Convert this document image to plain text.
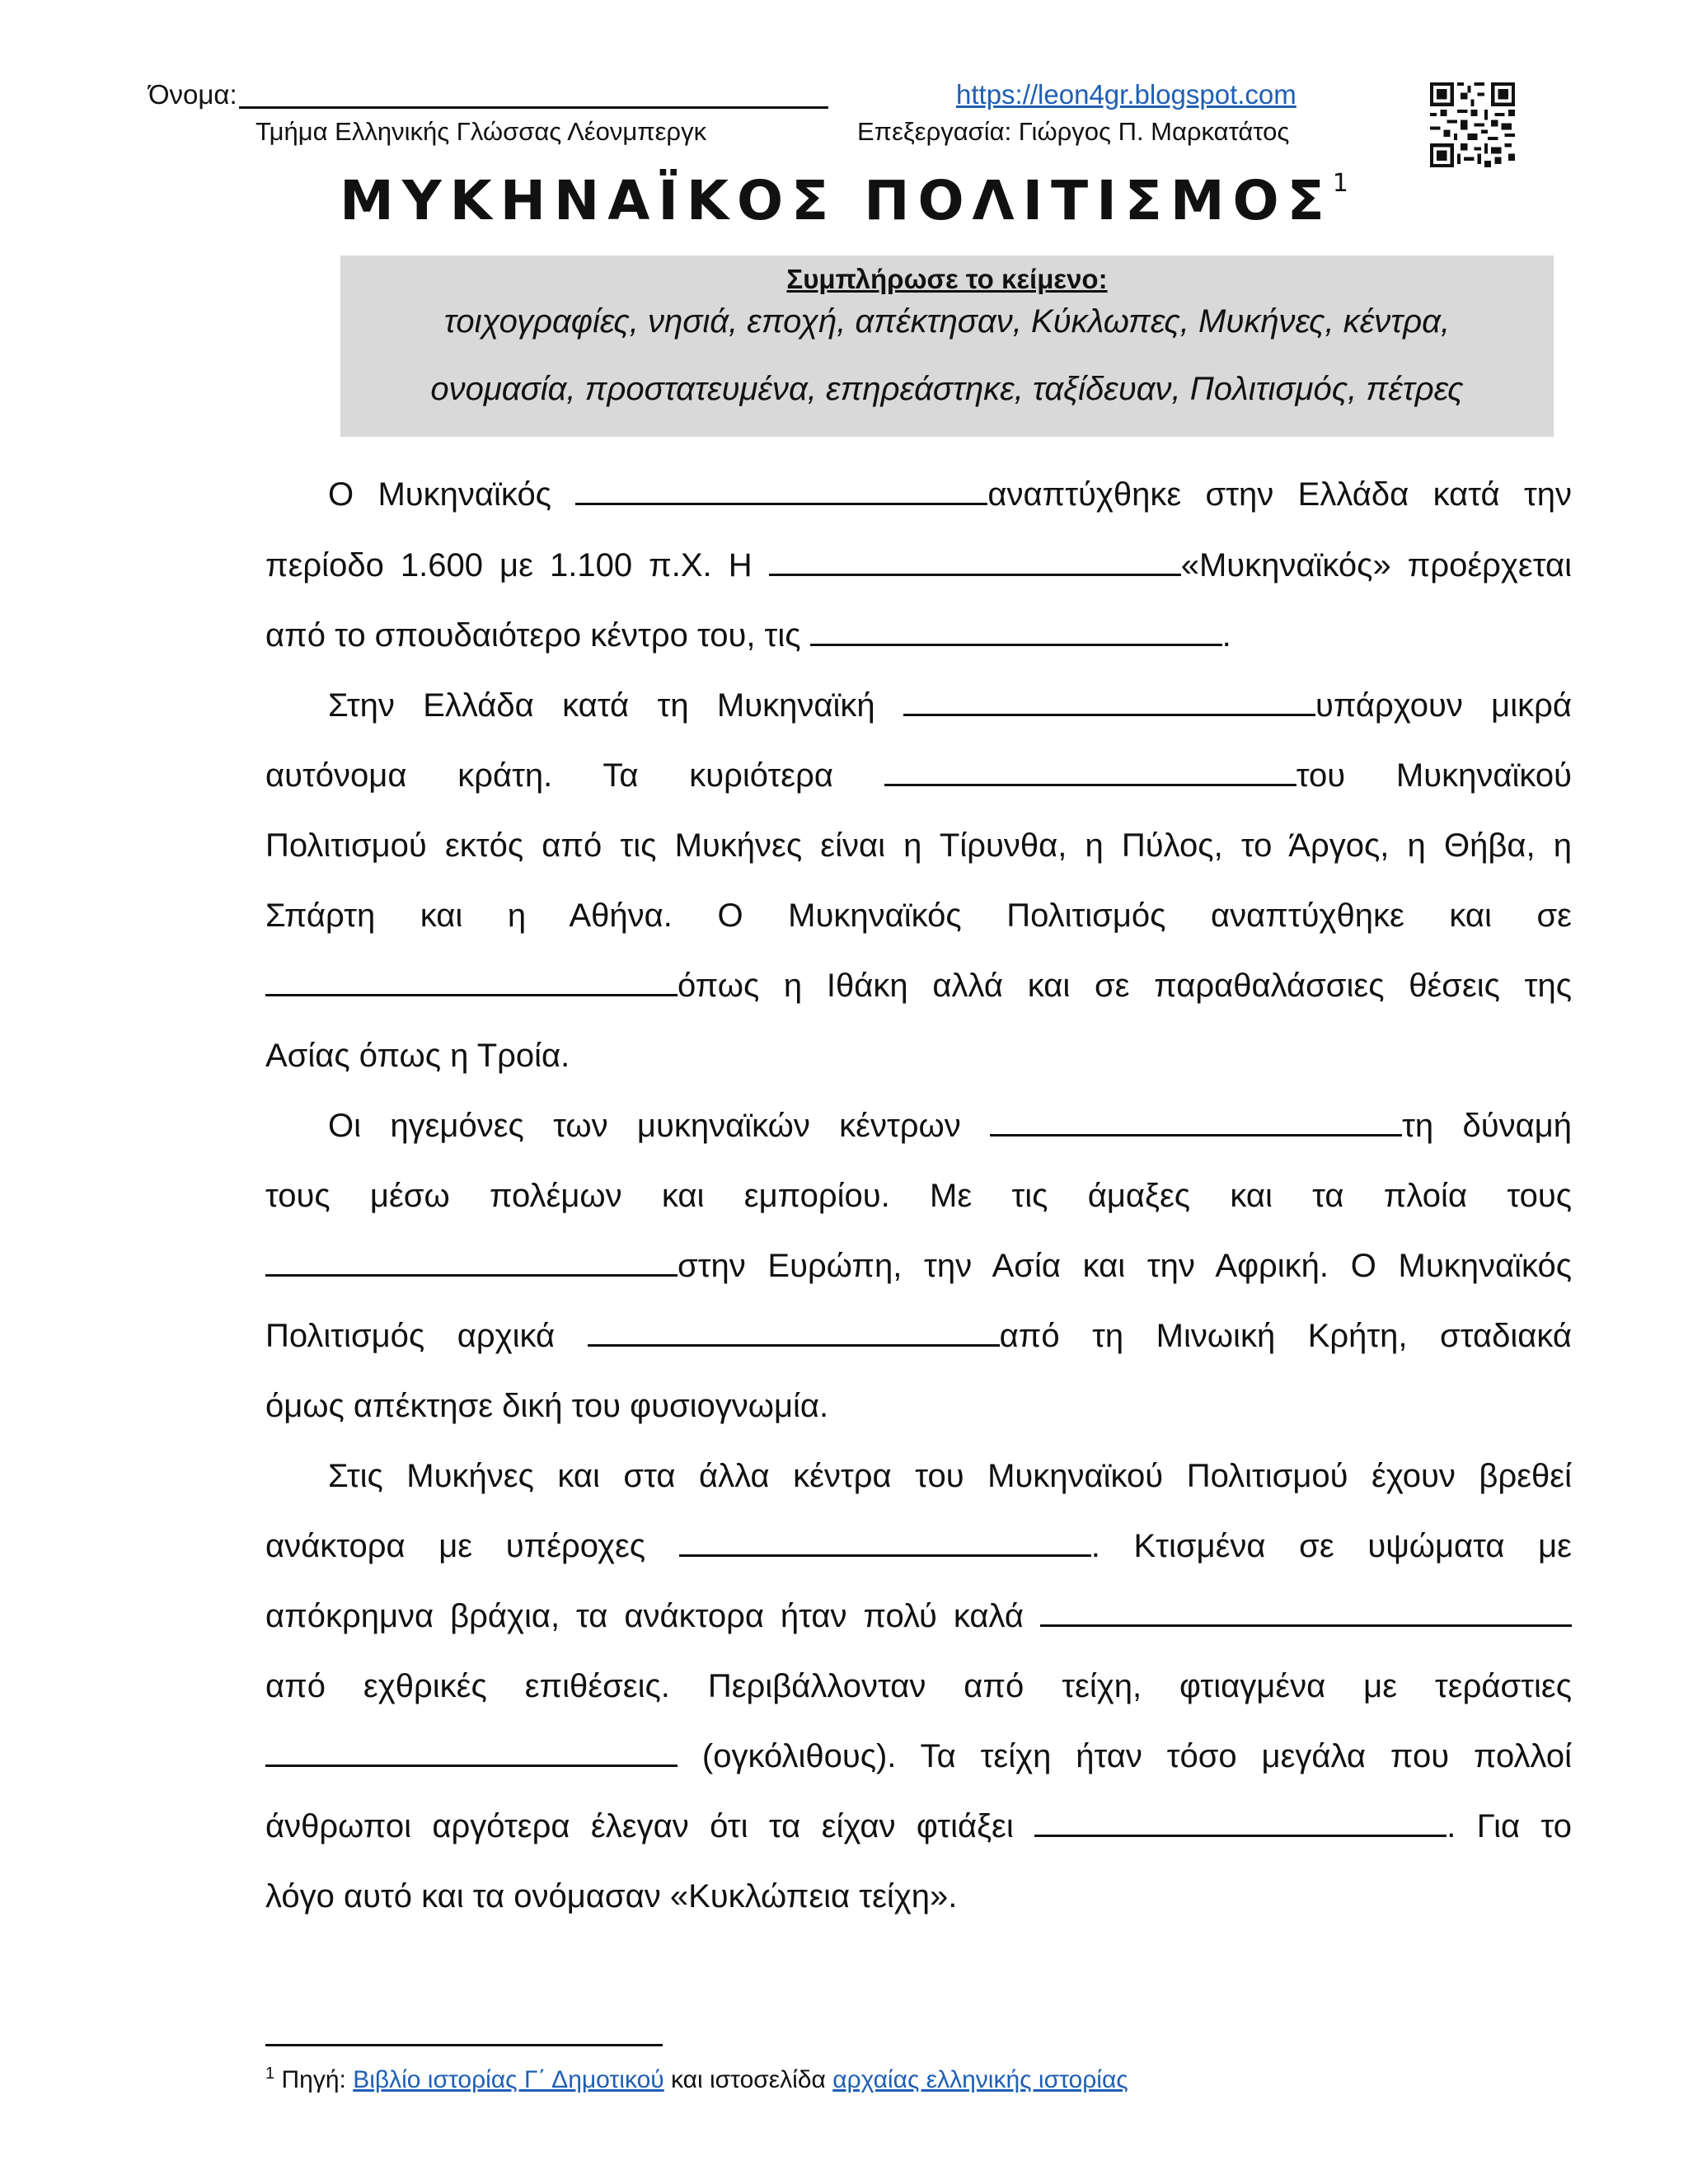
Όνομα:	https://leon4gr.blogspot.com
Τμήμα Ελληνικής Γλώσσας Λέονμπεργκ	Επεξεργασία: Γιώργος Π. Μαρκατάτος
ΜΥΚΗΝΑΪΚΟΣ ΠΟΛΙΤΙΣΜΟΣ$^1$
Συμπλήρωσε το κείμενο:
τοιχογραφίες, νησιά, εποχή, απέκτησαν, Κύκλωπες, Μυκήνες, κέντρα,
ονομασία, προστατευμένα, επηρεάστηκε, ταξίδευαν, Πολιτισμός, πέτρες
Ο Μυκηναϊκός	αναπτύχθηκε στην Ελλάδα κατά την
περίοδο 1.600 με 1.100 π.Χ. Η	«Μυκηναϊκός» προέρχεται
από το σπουδαιότερο κέντρο του, τις	.
Στην Ελλάδα κατά τη Μυκηναϊκή	υπάρχουν μικρά
αυτόνομα κράτη. Τα κυριότερα	του Μυκηναϊκού
Πολιτισμού εκτός από τις Μυκήνες είναι η Τίρυνθα, η Πύλος, το Άργος, η Θήβα, η
Σπάρτη και η Αθήνα. Ο Μυκηναϊκός Πολιτισμός αναπτύχθηκε και σε
όπως η Ιθάκη αλλά και σε παραθαλάσσιες θέσεις της
Ασίας όπως η Τροία.
Οι ηγεμόνες των μυκηναϊκών κέντρων	τη δύναμή
τους μέσω πολέμων και εμπορίου. Με τις άμαξες και τα πλοία τους
στην Ευρώπη, την Ασία και την Αφρική. Ο Μυκηναϊκός
Πολιτισμός αρχικά	από τη Μινωική Κρήτη, σταδιακά
όμως απέκτησε δική του φυσιογνωμία.
Στις Μυκήνες και στα άλλα κέντρα του Μυκηναϊκού Πολιτισμού έχουν βρεθεί
ανάκτορα με υπέροχες	. Κτισμένα σε υψώματα με
απόκρημνα βράχια, τα ανάκτορα ήταν πολύ καλά
από εχθρικές επιθέσεις. Περιβάλλονταν από τείχη, φτιαγμένα με τεράστιες
(ογκόλιθους). Τα τείχη ήταν τόσο μεγάλα που πολλοί
άνθρωποι αργότερα έλεγαν ότι τα είχαν φτιάξει	. Για το
λόγο αυτό και τα ονόμασαν «Κυκλώπεια τείχη».
$^1$ Πηγή: Βιβλίο ιστορίας Γ΄ Δημοτικού και ιστοσελίδα αρχαίας ελληνικής ιστορίας
